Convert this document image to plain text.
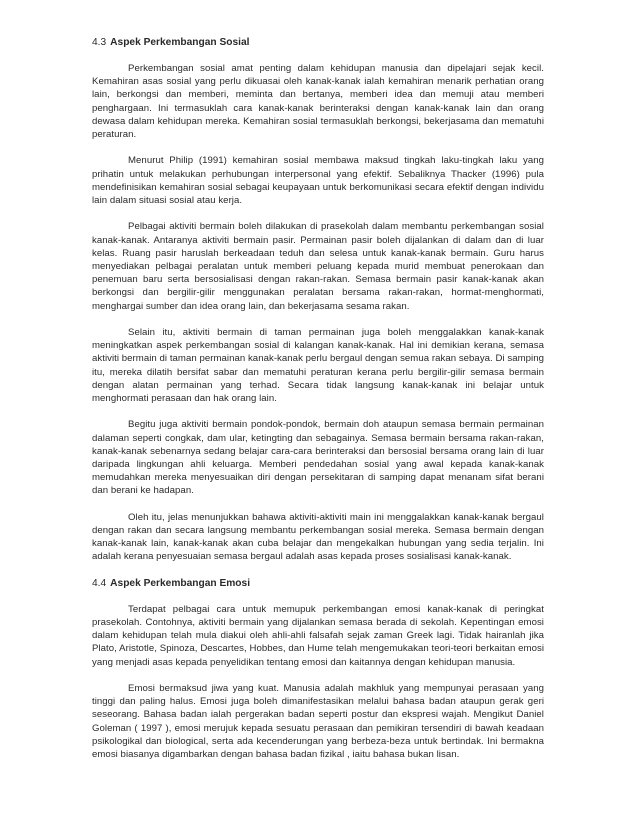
4.3 Aspek Perkembangan Sosial

Perkembangan sosial amat penting dalam kehidupan manusia dan dipelajari sejak kecil. Kemahiran asas sosial yang perlu dikuasai oleh kanak-kanak ialah kemahiran menarik perhatian orang lain, berkongsi dan memberi, meminta dan bertanya, memberi idea dan memuji atau memberi penghargaan. Ini termasuklah cara kanak-kanak berinteraksi dengan kanak-kanak lain dan orang dewasa dalam kehidupan mereka. Kemahiran sosial termasuklah berkongsi, bekerjasama dan mematuhi peraturan.

Menurut Philip (1991) kemahiran sosial membawa maksud tingkah laku-tingkah laku yang prihatin untuk melakukan perhubungan interpersonal yang efektif. Sebaliknya Thacker (1996) pula mendefinisikan kemahiran sosial sebagai keupayaan untuk berkomunikasi secara efektif dengan individu lain dalam situasi sosial atau kerja.

Pelbagai aktiviti bermain boleh dilakukan di prasekolah dalam membantu perkembangan sosial kanak-kanak. Antaranya aktiviti bermain pasir. Permainan pasir boleh dijalankan di dalam dan di luar kelas. Ruang pasir haruslah berkeadaan teduh dan selesa untuk kanak-kanak bermain. Guru harus menyediakan pelbagai peralatan untuk memberi peluang kepada murid membuat penerokaan dan penemuan baru serta bersosialisasi dengan rakan-rakan. Semasa bermain pasir kanak-kanak akan berkongsi dan bergilir-gilir menggunakan peralatan bersama rakan-rakan, hormat-menghormati, menghargai sumber dan idea orang lain, dan bekerjasama sesama rakan.

Selain itu, aktiviti bermain di taman permainan juga boleh menggalakkan kanak-kanak meningkatkan aspek perkembangan sosial di kalangan kanak-kanak. Hal ini demikian kerana, semasa aktiviti bermain di taman permainan kanak-kanak perlu bergaul dengan semua rakan sebaya. Di samping itu, mereka dilatih bersifat sabar dan mematuhi peraturan kerana perlu bergilir-gilir semasa bermain dengan alatan permainan yang terhad. Secara tidak langsung kanak-kanak ini belajar untuk menghormati perasaan dan hak orang lain.

Begitu juga aktiviti bermain pondok-pondok, bermain doh ataupun semasa bermain permainan dalaman seperti congkak, dam ular, ketingting dan sebagainya. Semasa bermain bersama rakan-rakan, kanak-kanak sebenarnya sedang belajar cara-cara berinteraksi dan bersosial bersama orang lain di luar daripada lingkungan ahli keluarga. Memberi pendedahan sosial yang awal kepada kanak-kanak memudahkan mereka menyesuaikan diri dengan persekitaran di samping dapat menanam sifat berani dan berani ke hadapan.

Oleh itu, jelas menunjukkan bahawa aktiviti-aktiviti main ini menggalakkan kanak-kanak bergaul dengan rakan dan secara langsung membantu perkembangan sosial mereka. Semasa bermain dengan kanak-kanak lain, kanak-kanak akan cuba belajar dan mengekalkan hubungan yang sedia terjalin. Ini adalah kerana penyesuaian semasa bergaul adalah asas kepada proses sosialisasi kanak-kanak.

4.4 Aspek Perkembangan Emosi

Terdapat pelbagai cara untuk memupuk perkembangan emosi kanak-kanak di peringkat prasekolah. Contohnya, aktiviti bermain yang dijalankan semasa berada di sekolah. Kepentingan emosi dalam kehidupan telah mula diakui oleh ahli-ahli falsafah sejak zaman Greek lagi. Tidak hairanlah jika Plato, Aristotle, Spinoza, Descartes, Hobbes, dan Hume telah mengemukakan teori-teori berkaitan emosi yang menjadi asas kepada penyelidikan tentang emosi dan kaitannya dengan kehidupan manusia.

Emosi bermaksud jiwa yang kuat. Manusia adalah makhluk yang mempunyai perasaan yang tinggi dan paling halus. Emosi juga boleh dimanifestasikan melalui bahasa badan ataupun gerak geri seseorang. Bahasa badan ialah pergerakan badan seperti postur dan ekspresi wajah. Mengikut Daniel Goleman ( 1997 ), emosi merujuk kepada sesuatu perasaan dan pemikiran tersendiri di bawah keadaan psikologikal dan biological, serta ada kecenderungan yang berbeza-beza untuk bertindak. Ini bermakna emosi biasanya digambarkan dengan bahasa badan fizikal , iaitu bahasa bukan lisan.
